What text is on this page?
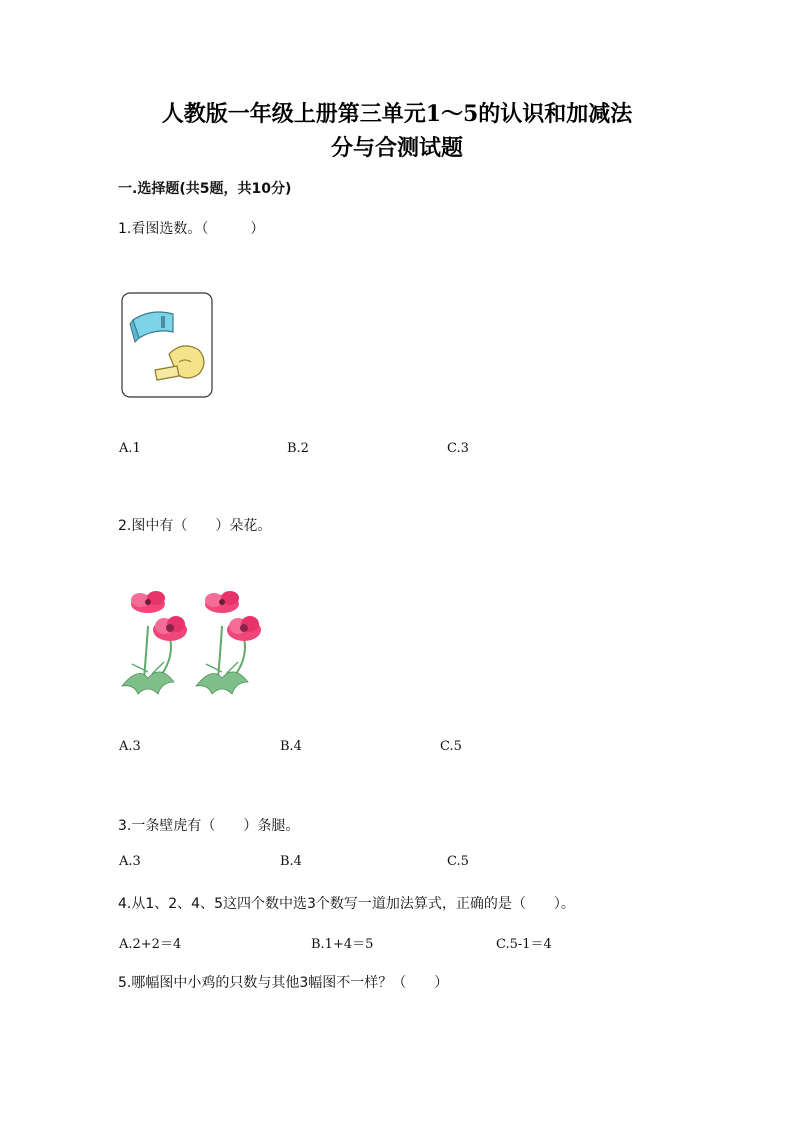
人教版一年级上册第三单元1～5的认识和加减法
分与合测试题
一.选择题(共5题，共10分)
1.看图选数。（　　　）
A.1	B.2	C.3
2.图中有（　　）朵花。
A.3	B.4	C.5
3.一条壁虎有（　　）条腿。
A.3	B.4	C.5
4.从1、2、4、5这四个数中选3个数写一道加法算式，正确的是（　　）。
A.2+2＝4	B.1+4＝5	C.5-1＝4
5.哪幅图中小鸡的只数与其他3幅图不一样？（　　）
